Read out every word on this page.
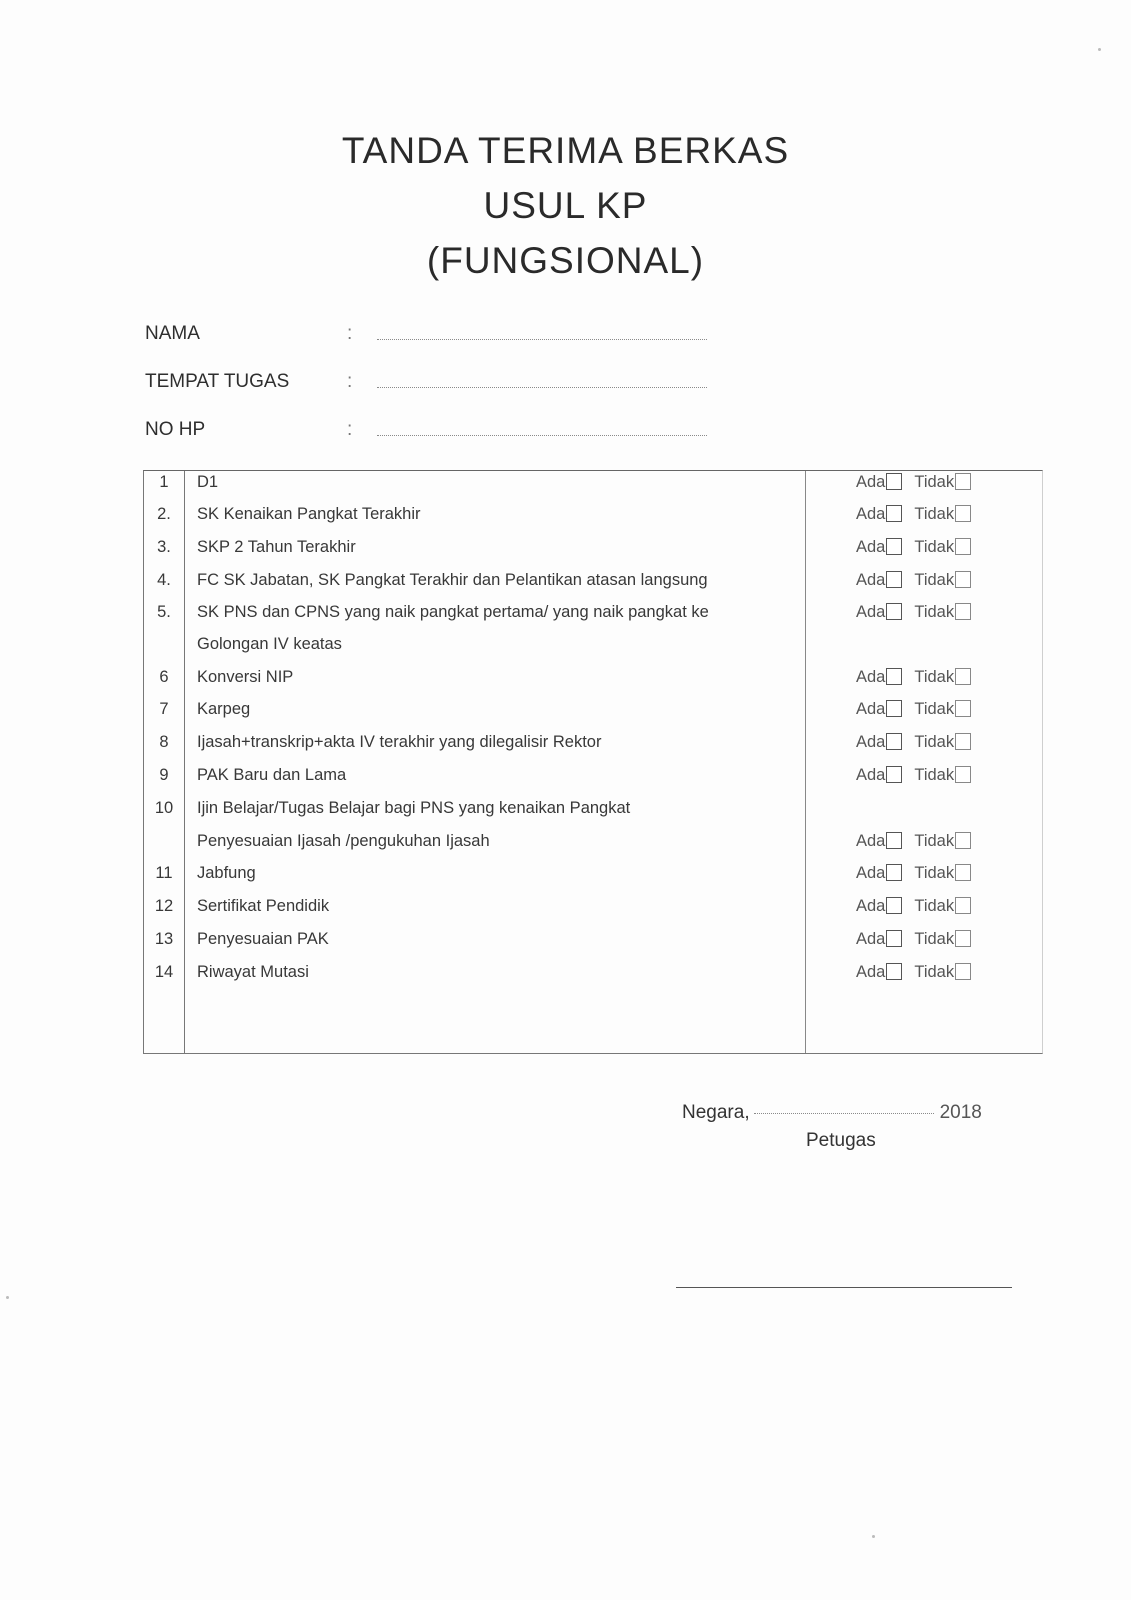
TANDA TERIMA BERKAS
USUL KP
(FUNGSIONAL)
NAMA	:
TEMPAT TUGAS	:
NO HP	:
1	D1	Ada Tidak
2.	SK Kenaikan Pangkat Terakhir	Ada Tidak
3.	SKP 2 Tahun Terakhir	Ada Tidak
4.	FC SK Jabatan, SK Pangkat Terakhir dan Pelantikan atasan langsung	Ada Tidak
5.	SK PNS dan CPNS yang naik pangkat pertama/ yang naik pangkat ke	Ada Tidak
Golongan IV keatas
6	Konversi NIP	Ada Tidak
7	Karpeg	Ada Tidak
8	Ijasah+transkrip+akta IV terakhir yang dilegalisir Rektor	Ada Tidak
9	PAK Baru dan Lama	Ada Tidak
10	Ijin Belajar/Tugas Belajar bagi PNS yang kenaikan Pangkat
Penyesuaian Ijasah /pengukuhan Ijasah	Ada Tidak
11	Jabfung	Ada Tidak
12	Sertifikat Pendidik	Ada Tidak
13	Penyesuaian PAK	Ada Tidak
14	Riwayat Mutasi	Ada Tidak
Negara,	2018
Petugas
